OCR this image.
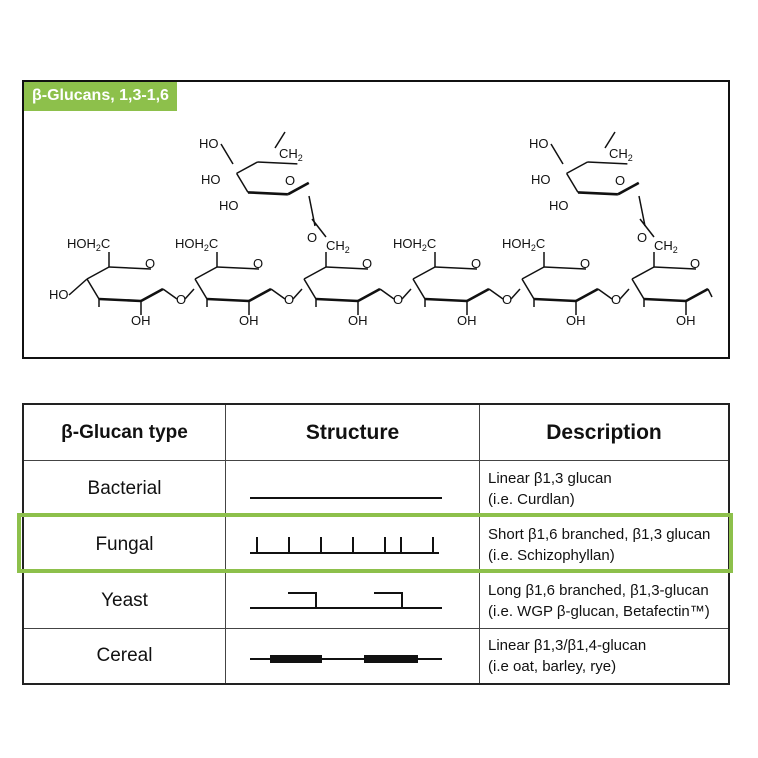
O
OH
O
$HOH_2C$
O
OH
O
$HOH_2C$
O
OH
O
$CH_2$
O
OH
O
$HOH_2C$
O
OH
O
$HOH_2C$
O
OH
$CH_2$
HO
HO
HO
HO
$CH_2$
O
O
HO
HO
HO
$CH_2$
O
O
β-Glucans, 1,3-1,6
β-Glucan type	Structure	Description
Bacterial	Linear β1,3 glucan
(i.e. Curdlan)
Fungal	Short β1,6 branched, β1,3 glucan
(i.e. Schizophyllan)
Yeast	Long β1,6 branched, β1,3-glucan
(i.e. WGP β-glucan, Betafectin™)
Cereal	Linear β1,3/β1,4-glucan
(i.e oat, barley, rye)
